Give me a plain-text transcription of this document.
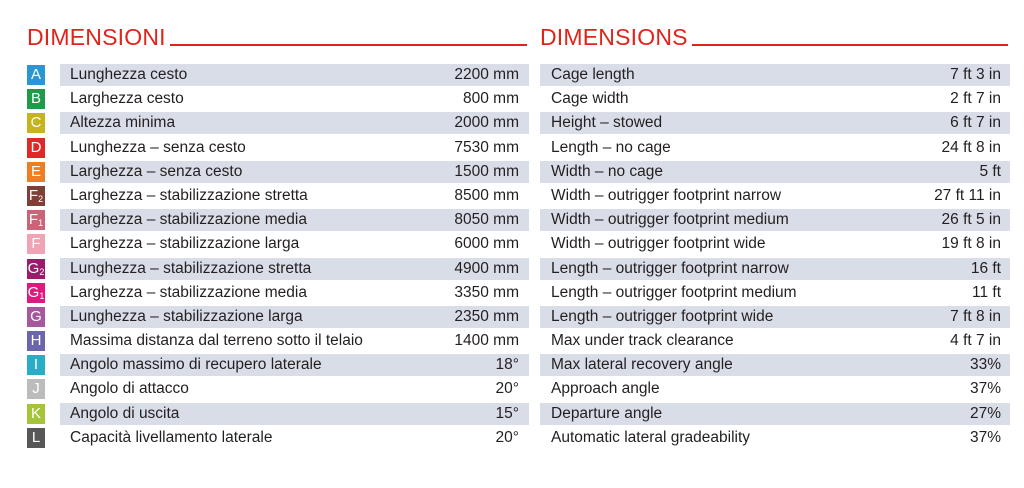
DIMENSIONI	DIMENSIONS
A Lunghezza cesto	2200 mm
B Larghezza cesto	800 mm
C Altezza minima	2000 mm
D Lunghezza – senza cesto	7530 mm
E Larghezza – senza cesto	1500 mm
$F_2$ Larghezza – stabilizzazione stretta	8500 mm
$F_1$ Larghezza – stabilizzazione media	8050 mm
F Larghezza – stabilizzazione larga	6000 mm
$G_2$ Lunghezza – stabilizzazione stretta	4900 mm
$G_1$ Larghezza – stabilizzazione media	3350 mm
G Lunghezza – stabilizzazione larga	2350 mm
H Massima distanza dal terreno sotto il telaio	1400 mm
I Angolo massimo di recupero laterale	18°
J Angolo di attacco	20°
K Angolo di uscita	15°
L Capacità livellamento laterale	20°
Cage length	7 ft 3 in
Cage width	2 ft 7 in
Height – stowed	6 ft 7 in
Length – no cage	24 ft 8 in
Width – no cage	5 ft
Width – outrigger footprint narrow	27 ft 11 in
Width – outrigger footprint medium	26 ft 5 in
Width – outrigger footprint wide	19 ft 8 in
Length – outrigger footprint narrow	16 ft
Length – outrigger footprint medium	11 ft
Length – outrigger footprint wide	7 ft 8 in
Max under track clearance	4 ft 7 in
Max lateral recovery angle	33%
Approach angle	37%
Departure angle	27%
Automatic lateral gradeability	37%
